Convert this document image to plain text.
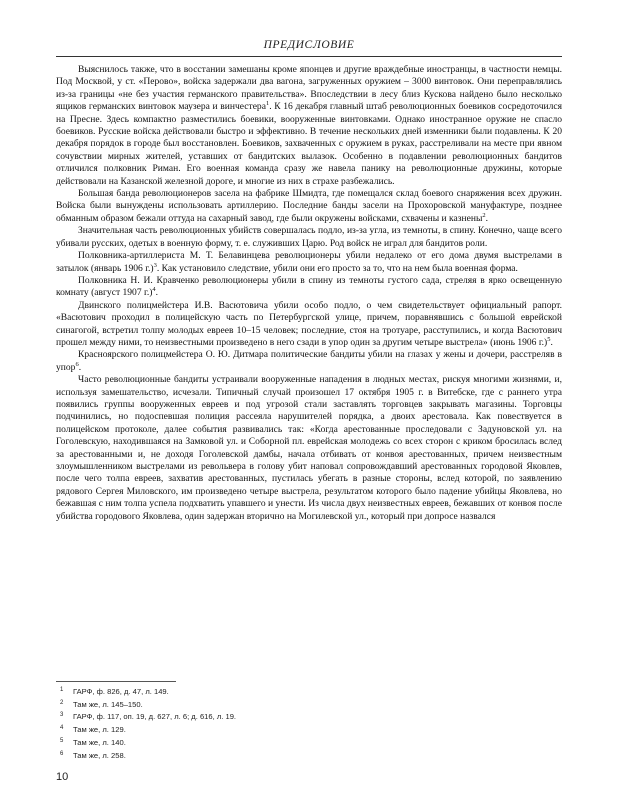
ПРЕДИСЛОВИЕ

Выяснилось также, что в восстании замешаны кроме японцев и другие враждебные иностранцы, в частности немцы. Под Москвой, у ст. «Перово», войска задержали два вагона, загруженных оружием – 3000 винтовок. Они переправлялись из-за границы «не без участия германского правительства». Впоследствии в лесу близ Кускова найдено было несколько ящиков германских винтовок маузера и винчестера$^1$. К 16 декабря главный штаб революционных боевиков сосредоточился на Пресне. Здесь компактно разместились боевики, вооруженные винтовками. Однако иностранное оружие не спасло боевиков. Русские войска действовали быстро и эффективно. В течение нескольких дней изменники были подавлены. К 20 декабря порядок в городе был восстановлен. Боевиков, захваченных с оружием в руках, расстреливали на месте при явном сочувствии мирных жителей, уставших от бандитских вылазок. Особенно в подавлении революционных бандитов отличился полковник Риман. Его военная команда сразу же навела панику на революционные дружины, которые действовали на Казанской железной дороге, и многие из них в страхе разбежались.

Большая банда революционеров засела на фабрике Шмидта, где помещался склад боевого снаряжения всех дружин. Войска были вынуждены использовать артиллерию. Последние банды засели на Прохоровской мануфактуре, позднее обманным образом бежали оттуда на сахарный завод, где были окружены войсками, схвачены и казнены$^2$.

Значительная часть революционных убийств совершалась подло, из-за угла, из темноты, в спину. Конечно, чаще всего убивали русских, одетых в военную форму, т. е. служивших Царю. Род войск не играл для бандитов роли.

Полковника-артиллериста М. Т. Белавинцева революционеры убили недалеко от его дома двумя выстрелами в затылок (январь 1906 г.)$^3$. Как установило следствие, убили они его просто за то, что на нем была военная форма.

Полковника Н. И. Кравченко революционеры убили в спину из темноты густого сада, стреляя в ярко освещенную комнату (август 1907 г.)$^4$.

Двинского полицмейстера И.В. Васютовича убили особо подло, о чем свидетельствует официальный рапорт. «Васютович проходил в полицейскую часть по Петербургской улице, причем, поравнявшись с большой еврейской синагогой, встретил толпу молодых евреев 10–15 человек; последние, стоя на тротуаре, расступились, и когда Васютович прошел между ними, то неизвестными произведено в него сзади в упор один за другим четыре выстрела» (июнь 1906 г.)$^5$.

Красноярского полицмейстера О. Ю. Дитмара политические бандиты убили на глазах у жены и дочери, расстреляв в упор$^6$.

Часто революционные бандиты устраивали вооруженные нападения в людных местах, рискуя многими жизнями, и, используя замешательство, исчезали. Типичный случай произошел 17 октября 1905 г. в Витебске, где с раннего утра появились группы вооруженных евреев и под угрозой стали заставлять торговцев закрывать магазины. Торговцы подчинились, но подоспевшая полиция рассеяла нарушителей порядка, а двоих арестовала. Как повествуется в полицейском протоколе, далее события развивались так: «Когда арестованные проследовали с Задуновской ул. на Гоголевскую, находившаяся на Замковой ул. и Соборной пл. еврейская молодежь со всех сторон с криком бросилась вслед за арестованными и, не доходя Гоголевской дамбы, начала отбивать от конвоя арестованных, причем неизвестным злоумышленником выстрелами из револьвера в голову убит наповал сопровождавший арестованных городовой Яковлев, после чего толпа евреев, захватив арестованных, пустилась убегать в разные стороны, вслед которой, по заявлению рядового Сергея Миловского, им произведено четыре выстрела, результатом которого было падение убийцы Яковлева, но бежавшая с ним толпа успела подхватить упавшего и унести. Из числа двух неизвестных евреев, бежавших от конвоя после убийства городового Яковлева, один задержан вторично на Могилевской ул., который при допросе назвался

1	ГАРФ, ф. 826, д. 47, л. 149.
2	Там же, л. 145–150.
3	ГАРФ, ф. 117, оп. 19, д. 627, л. 6; д. 616, л. 19.
4	Там же, л. 129.
5	Там же, л. 140.
6	Там же, л. 258.
10
